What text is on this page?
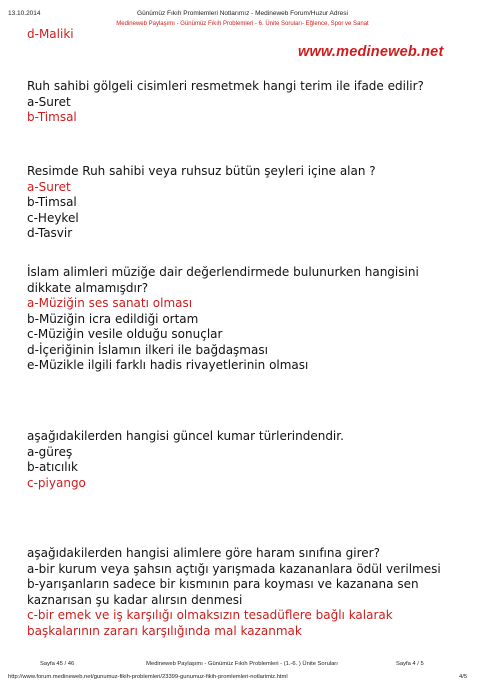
13.10.2014	Günümüz Fıkıh Promlemleri Notlarımız - Medineweb Forum/Huzur Adresi
Medineweb Paylaşımı - Günümüz Fıkıh Problemleri - 6. Ünite Soruları- Eğlence, Spor ve Sanat
d-Maliki
www.medineweb.net
Ruh sahibi gölgeli cisimleri resmetmek hangi terim ile ifade edilir?
a-Suret
b-Timsal
Resimde Ruh sahibi veya ruhsuz bütün şeyleri içine alan ?
a-Suret
b-Timsal
c-Heykel
d-Tasvir
İslam alimleri müziğe dair değerlendirmede bulunurken hangisini
dikkate almamışdır?
a-Müziğin ses sanatı olması
b-Müziğin icra edildiği ortam
c-Müziğin vesile olduğu sonuçlar
d-İçeriğinin İslamın ilkeri ile bağdaşması
e-Müzikle ilgili farklı hadis rivayetlerinin olması
aşağıdakilerden hangisi güncel kumar türlerindendir.
a-güreş
b-atıcılık
c-piyango
aşağıdakilerden hangisi alimlere göre haram sınıfına girer?
a-bir kurum veya şahsın açtığı yarışmada kazananlara ödül verilmesi
b-yarışanların sadece bir kısmının para koyması ve kazanana sen
kaznarısan şu kadar alırsın denmesi
c-bir emek ve iş karşılığı olmaksızın tesadüflere bağlı kalarak
başkalarının zararı karşılığında mal kazanmak
Sayfa 45 / 46	Medineweb Paylaşımı - Günümüz Fıkıh Problemleri - (1.-6. ) Ünite Soruları	Sayfa 4 / 5
http://www.forum.medineweb.net/gunumuz-fikih-problemleri/23399-gunumuz-fikih-promlemleri-notlarimiz.html	4/5
